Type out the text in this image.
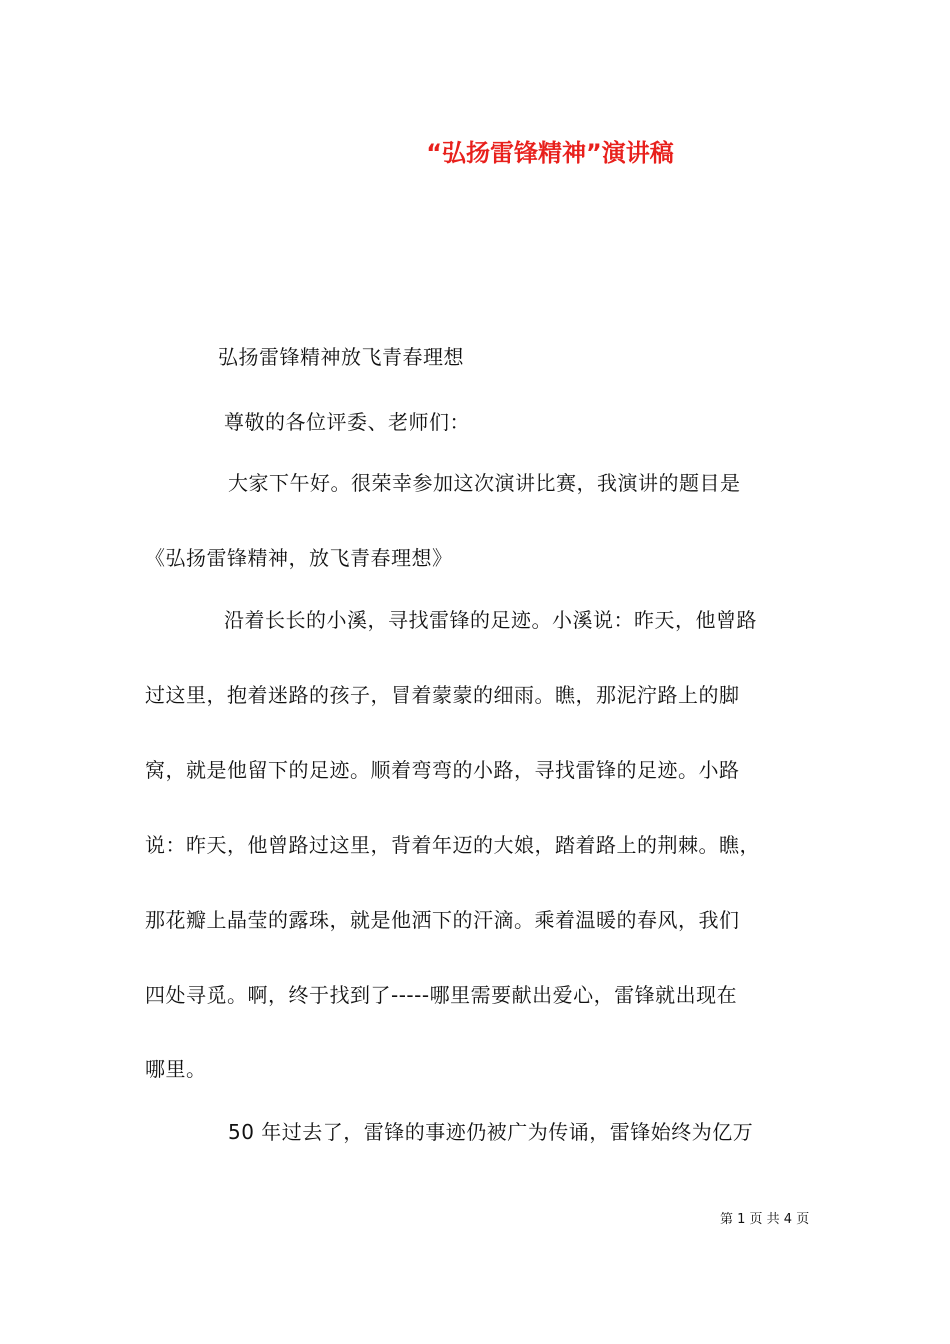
“弘扬雷锋精神”演讲稿
弘扬雷锋精神放飞青春理想
尊敬的各位评委、老师们：
大家下午好。很荣幸参加这次演讲比赛，我演讲的题目是
《弘扬雷锋精神，放飞青春理想》
沿着长长的小溪，寻找雷锋的足迹。小溪说：昨天，他曾路
过这里，抱着迷路的孩子，冒着蒙蒙的细雨。瞧，那泥泞路上的脚
窝，就是他留下的足迹。顺着弯弯的小路，寻找雷锋的足迹。小路
说：昨天，他曾路过这里，背着年迈的大娘，踏着路上的荆棘。瞧，
那花瓣上晶莹的露珠，就是他洒下的汗滴。乘着温暖的春风，我们
四处寻觅。啊，终于找到了-----哪里需要献出爱心，雷锋就出现在
哪里。
50 年过去了，雷锋的事迹仍被广为传诵，雷锋始终为亿万
第 1 页 共 4 页
